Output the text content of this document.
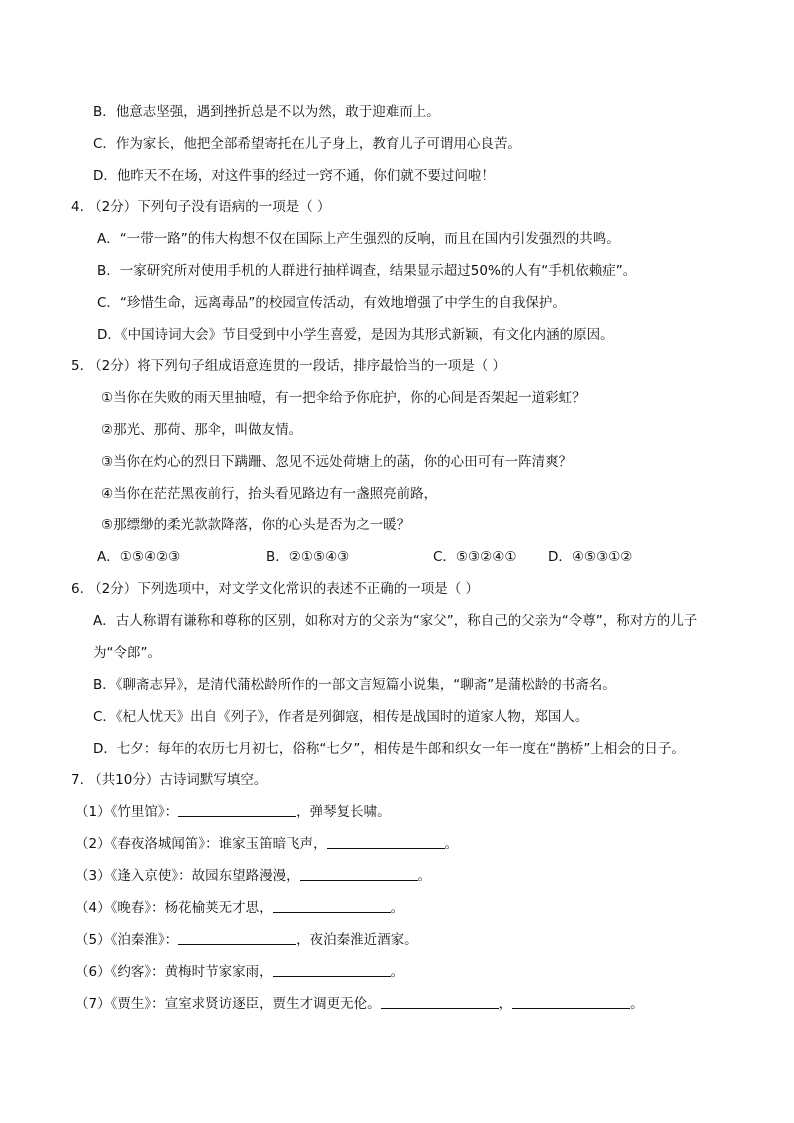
B．他意志坚强，遇到挫折总是不以为然，敢于迎难而上。
C．作为家长，他把全部希望寄托在儿子身上，教育儿子可谓用心良苦。
D．他昨天不在场，对这件事的经过一窍不通，你们就不要过问啦！
4. （2分）下列句子没有语病的一项是（ ）
A．“一带一路”的伟大构想不仅在国际上产生强烈的反响，而且在国内引发强烈的共鸣。
B．一家研究所对使用手机的人群进行抽样调查，结果显示超过50%的人有“手机依赖症”。
C．“珍惜生命，远离毒品”的校园宣传活动，有效地增强了中学生的自我保护。
D．《中国诗词大会》节目受到中小学生喜爱，是因为其形式新颖，有文化内涵的原因。
5. （2分）将下列句子组成语意连贯的一段话，排序最恰当的一项是（ ）
①当你在失败的雨天里抽噎，有一把伞给予你庇护，你的心间是否架起一道彩虹？
②那光、那荷、那伞，叫做友情。
③当你在灼心的烈日下蹒跚、忽见不远处荷塘上的菡，你的心田可有一阵清爽？
④当你在茫茫黑夜前行，抬头看见路边有一盏照亮前路，
⑤那缥缈的柔光款款降落，你的心头是否为之一暖？
A．①⑤④②③	B．②①⑤④③	C．⑤③②④① D．④⑤③①②
6. （2分）下列选项中，对文学文化常识的表述不正确的一项是（ ）
A．古人称谓有谦称和尊称的区别，如称对方的父亲为“家父”，称自己的父亲为“令尊”，称对方的儿子
为“令郎”。
B．《聊斋志异》，是清代蒲松龄所作的一部文言短篇小说集，“聊斋”是蒲松龄的书斋名。
C．《杞人忧天》出自《列子》，作者是列御寇，相传是战国时的道家人物，郑国人。
D．七夕：每年的农历七月初七，俗称“七夕”，相传是牛郎和织女一年一度在“鹊桥”上相会的日子。
7. （共10分）古诗词默写填空。
（1）《竹里馆》：	，弹琴复长啸。
（2）《春夜洛城闻笛》：谁家玉笛暗飞声，	。
（3）《逢入京使》：故园东望路漫漫，	。
（4）《晚春》：杨花榆荚无才思，	。
（5）《泊秦淮》：	，夜泊秦淮近酒家。
（6）《约客》：黄梅时节家家雨，	。
（7）《贾生》：宣室求贤访逐臣，贾生才调更无伦。	，	。
